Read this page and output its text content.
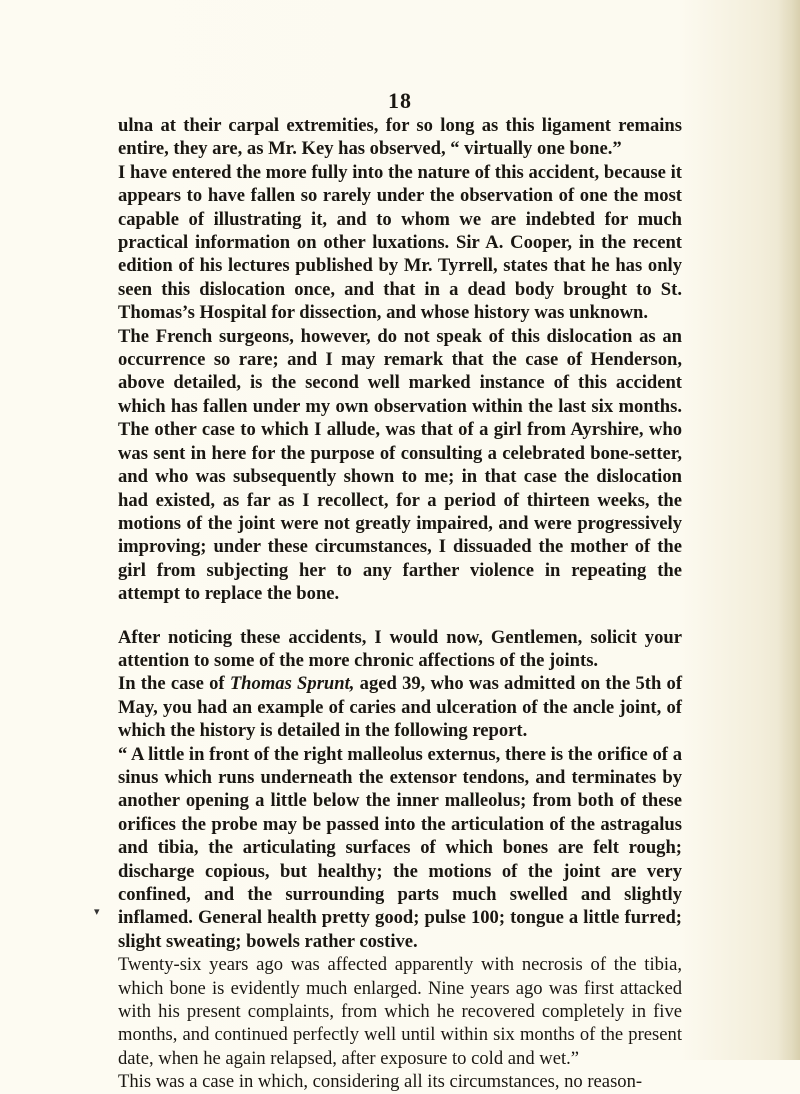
18
▾

ulna at their carpal extremities, for so long as this ligament remains entire, they are, as Mr. Key has observed, “ virtually one bone.”

I have entered the more fully into the nature of this accident, because it appears to have fallen so rarely under the observation of one the most capable of illustrating it, and to whom we are indebted for much practical information on other luxations. Sir A. Cooper, in the recent edition of his lectures published by Mr. Tyrrell, states that he has only seen this dislocation once, and that in a dead body brought to St. Thomas’s Hospital for dissection, and whose history was unknown.

The French surgeons, however, do not speak of this dislocation as an occurrence so rare; and I may remark that the case of Henderson, above detailed, is the second well marked instance of this accident which has fallen under my own observation within the last six months. The other case to which I allude, was that of a girl from Ayrshire, who was sent in here for the purpose of consulting a celebrated bone-setter, and who was subsequently shown to me; in that case the dislocation had existed, as far as I recollect, for a period of thirteen weeks, the motions of the joint were not greatly impaired, and were progressively improving; under these circumstances, I dissuaded the mother of the girl from subjecting her to any farther violence in repeating the attempt to replace the bone.

After noticing these accidents, I would now, Gentlemen, solicit your attention to some of the more chronic affections of the joints.

In the case of Thomas Sprunt, aged 39, who was admitted on the 5th of May, you had an example of caries and ulceration of the ancle joint, of which the history is detailed in the following report.

“ A little in front of the right malleolus externus, there is the orifice of a sinus which runs underneath the extensor tendons, and terminates by another opening a little below the inner malleolus; from both of these orifices the probe may be passed into the articulation of the astragalus and tibia, the articulating surfaces of which bones are felt rough; discharge copious, but healthy; the motions of the joint are very confined, and the surrounding parts much swelled and slightly inflamed. General health pretty good; pulse 100; tongue a little furred; slight sweating; bowels rather costive.

Twenty-six years ago was affected apparently with necrosis of the tibia, which bone is evidently much enlarged. Nine years ago was first attacked with his present complaints, from which he recovered completely in five months, and continued perfectly well until within six months of the present date, when he again relapsed, after exposure to cold and wet.”

This was a case in which, considering all its circumstances, no reason-
